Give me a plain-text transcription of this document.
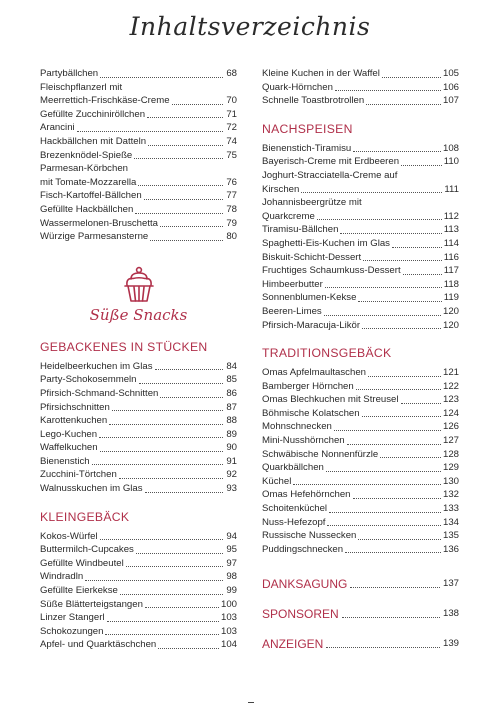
Inhaltsverzeichnis
Partybällchen	68
Fleischpflanzerl mit
Meerrettich-Frischkäse-Creme	70
Gefüllte Zucchiniröllchen	71
Arancini	72
Hackbällchen mit Datteln	74
Brezenknödel-Spieße	75
Parmesan-Körbchen
mit Tomate-Mozzarella	76
Fisch-Kartoffel-Bällchen	77
Gefüllte Hackbällchen	78
Wassermelonen-Bruschetta	79
Würzige Parmesansterne	80
Süße Snacks
GEBACKENES IN STÜCKEN
Heidelbeerkuchen im Glas	84
Party-Schokosemmeln	85
Pfirsich-Schmand-Schnitten	86
Pfirsichschnitten	87
Karottenkuchen	88
Lego-Kuchen	89
Waffelkuchen	90
Bienenstich	91
Zucchini-Törtchen	92
Walnusskuchen im Glas	93
KLEINGEBÄCK
Kokos-Würfel	94
Buttermilch-Cupcakes	95
Gefüllte Windbeutel	97
Windradln	98
Gefüllte Eierkekse	99
Süße Blätterteigstangen	100
Linzer Stangerl	103
Schokozungen	103
Apfel- und Quarktäschchen	104
Kleine Kuchen in der Waffel	105
Quark-Hörnchen	106
Schnelle Toastbrotrollen	107
NACHSPEISEN
Bienenstich-Tiramisu	108
Bayerisch-Creme mit Erdbeeren	110
Joghurt-Stracciatella-Creme auf
Kirschen	111
Johannisbeergrütze mit
Quarkcreme	112
Tiramisu-Bällchen	113
Spaghetti-Eis-Kuchen im Glas	114
Biskuit-Schicht-Dessert	116
Fruchtiges Schaumkuss-Dessert	117
Himbeerbutter	118
Sonnenblumen-Kekse	119
Beeren-Limes	120
Pfirsich-Maracuja-Likör	120
TRADITIONSGEBÄCK
Omas Apfelmaultaschen	121
Bamberger Hörnchen	122
Omas Blechkuchen mit Streusel	123
Böhmische Kolatschen	124
Mohnschnecken	126
Mini-Nusshörnchen	127
Schwäbische Nonnenfürzle	128
Quarkbällchen	129
Küchel	130
Omas Hefehörnchen	132
Schoitenküchel	133
Nuss-Hefezopf	134
Russische Nussecken	135
Puddingschnecken	136
DANKSAGUNG	137
SPONSOREN	138
ANZEIGEN	139
